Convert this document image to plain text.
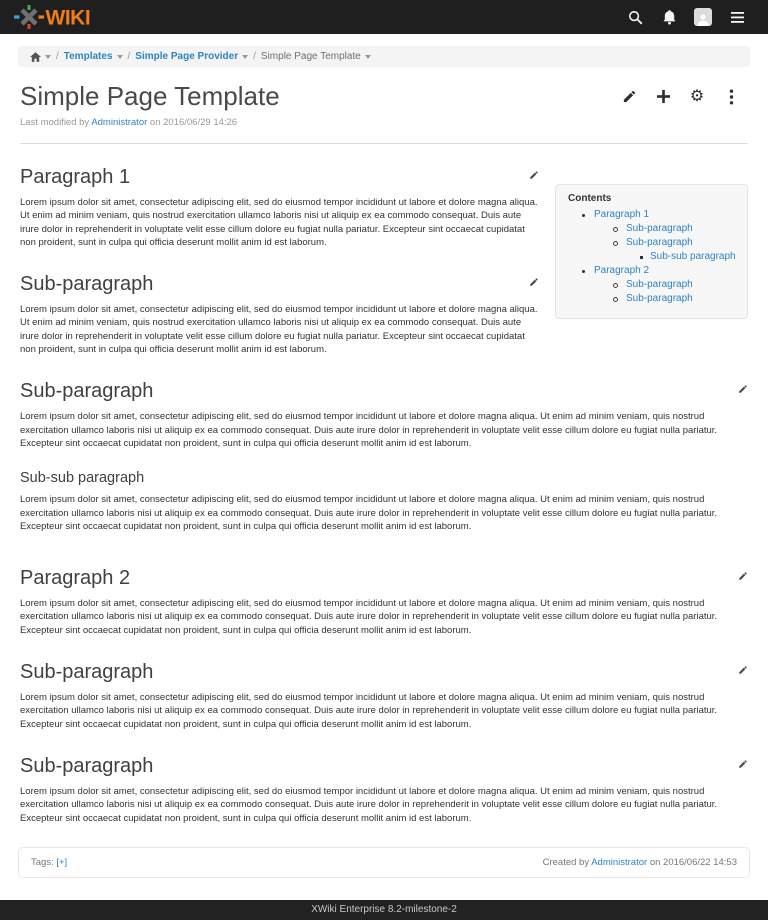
WIKI
/ Templates / Simple Page Provider / Simple Page Template
Simple Page Template	⚙
Last modified by Administrator on 2016/06/29 14:26
Contents
Paragraph 1
Sub-paragraph
Sub-paragraph
Sub-sub paragraph
Paragraph 2
Sub-paragraph
Sub-paragraph
Paragraph 1

Lorem ipsum dolor sit amet, consectetur adipiscing elit, sed do eiusmod tempor incididunt ut labore et dolore magna aliqua. Ut enim ad minim veniam, quis nostrud exercitation ullamco laboris nisi ut aliquip ex ea commodo consequat. Duis aute irure dolor in reprehenderit in voluptate velit esse cillum dolore eu fugiat nulla pariatur. Excepteur sint occaecat cupidatat non proident, sunt in culpa qui officia deserunt mollit anim id est laborum.

Sub-paragraph

Lorem ipsum dolor sit amet, consectetur adipiscing elit, sed do eiusmod tempor incididunt ut labore et dolore magna aliqua. Ut enim ad minim veniam, quis nostrud exercitation ullamco laboris nisi ut aliquip ex ea commodo consequat. Duis aute irure dolor in reprehenderit in voluptate velit esse cillum dolore eu fugiat nulla pariatur. Excepteur sint occaecat cupidatat non proident, sunt in culpa qui officia deserunt mollit anim id est laborum.

Sub-paragraph

Lorem ipsum dolor sit amet, consectetur adipiscing elit, sed do eiusmod tempor incididunt ut labore et dolore magna aliqua. Ut enim ad minim veniam, quis nostrud exercitation ullamco laboris nisi ut aliquip ex ea commodo consequat. Duis aute irure dolor in reprehenderit in voluptate velit esse cillum dolore eu fugiat nulla pariatur. Excepteur sint occaecat cupidatat non proident, sunt in culpa qui officia deserunt mollit anim id est laborum.

Sub-sub paragraph

Lorem ipsum dolor sit amet, consectetur adipiscing elit, sed do eiusmod tempor incididunt ut labore et dolore magna aliqua. Ut enim ad minim veniam, quis nostrud exercitation ullamco laboris nisi ut aliquip ex ea commodo consequat. Duis aute irure dolor in reprehenderit in voluptate velit esse cillum dolore eu fugiat nulla pariatur. Excepteur sint occaecat cupidatat non proident, sunt in culpa qui officia deserunt mollit anim id est laborum.

Paragraph 2

Lorem ipsum dolor sit amet, consectetur adipiscing elit, sed do eiusmod tempor incididunt ut labore et dolore magna aliqua. Ut enim ad minim veniam, quis nostrud exercitation ullamco laboris nisi ut aliquip ex ea commodo consequat. Duis aute irure dolor in reprehenderit in voluptate velit esse cillum dolore eu fugiat nulla pariatur. Excepteur sint occaecat cupidatat non proident, sunt in culpa qui officia deserunt mollit anim id est laborum.

Sub-paragraph

Lorem ipsum dolor sit amet, consectetur adipiscing elit, sed do eiusmod tempor incididunt ut labore et dolore magna aliqua. Ut enim ad minim veniam, quis nostrud exercitation ullamco laboris nisi ut aliquip ex ea commodo consequat. Duis aute irure dolor in reprehenderit in voluptate velit esse cillum dolore eu fugiat nulla pariatur. Excepteur sint occaecat cupidatat non proident, sunt in culpa qui officia deserunt mollit anim id est laborum.

Sub-paragraph

Lorem ipsum dolor sit amet, consectetur adipiscing elit, sed do eiusmod tempor incididunt ut labore et dolore magna aliqua. Ut enim ad minim veniam, quis nostrud exercitation ullamco laboris nisi ut aliquip ex ea commodo consequat. Duis aute irure dolor in reprehenderit in voluptate velit esse cillum dolore eu fugiat nulla pariatur. Excepteur sint occaecat cupidatat non proident, sunt in culpa qui officia deserunt mollit anim id est laborum.

Tags: [+]	Created by Administrator on 2016/06/22 14:53
XWiki Enterprise 8.2-milestone-2
